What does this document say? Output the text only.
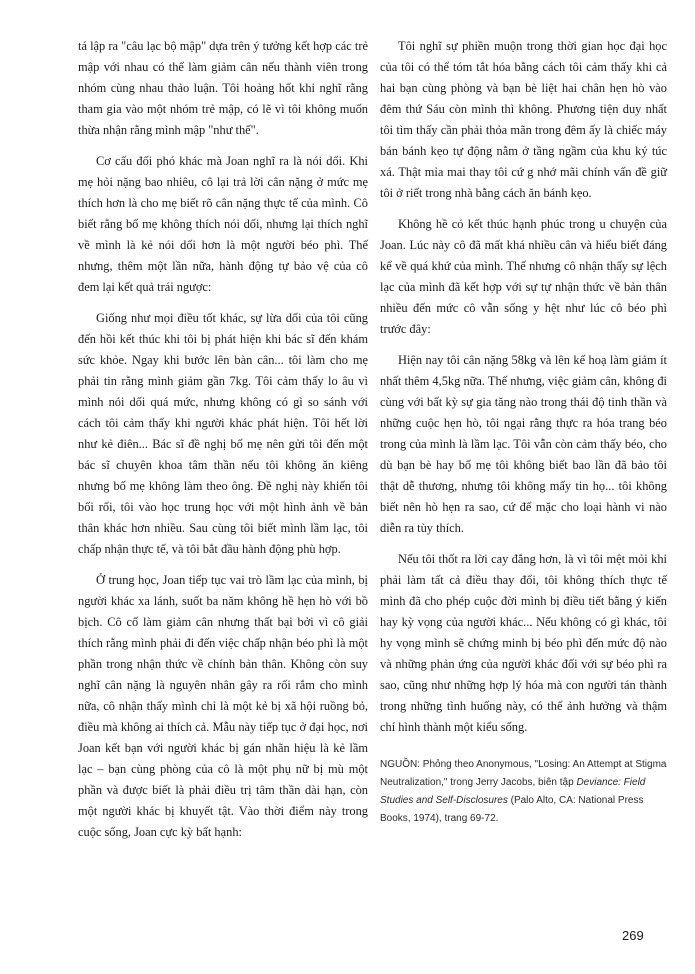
tá lập ra "câu lạc bộ mập" dựa trên ý tưởng kết hợp các trẻ mập với nhau có thể làm giảm cân nếu thành viên trong nhóm cùng nhau thảo luận. Tôi hoảng hốt khi nghĩ rằng tham gia vào một nhóm trẻ mập, có lẽ vì tôi không muốn thừa nhận rằng mình mập "như thế".

Cơ cấu đối phó khác mà Joan nghĩ ra là nói dối. Khi mẹ hỏi nặng bao nhiêu, cô lại trả lời cân nặng ở mức mẹ thích hơn là cho mẹ biết rõ cân nặng thực tế của mình. Cô biết rằng bố mẹ không thích nói dối, nhưng lại thích nghĩ về mình là kẻ nói dối hơn là một người béo phì. Thế nhưng, thêm một lần nữa, hành động tự bảo vệ của cô đem lại kết quả trái ngược:

Giống như mọi điều tốt khác, sự lừa dối của tôi cũng đến hồi kết thúc khi tôi bị phát hiện khi bác sĩ đến khám sức khỏe. Ngay khi bước lên bàn cân... tôi làm cho mẹ phải tin rằng mình giảm gần 7kg. Tôi cảm thấy lo âu vì mình nói dối quá mức, nhưng không có gì so sánh với cách tôi cảm thấy khi người khác phát hiện. Tôi hết lời như kẻ điên... Bác sĩ đề nghị bố mẹ nên gửi tôi đến một bác sĩ chuyên khoa tâm thần nếu tôi không ăn kiêng nhưng bố mẹ không làm theo ông. Đề nghị này khiến tôi bối rối, tôi vào học trung học với một hình ảnh về bản thân khác hơn nhiều. Sau cùng tôi biết mình lầm lạc, tôi chấp nhận thực tế, và tôi bắt đầu hành động phù hợp.

Ở trung học, Joan tiếp tục vai trò lầm lạc của mình, bị người khác xa lánh, suốt ba năm không hề hẹn hò với bồ bịch. Cô cố làm giảm cân nhưng thất bại bởi vì cô giải thích rằng mình phải đi đến việc chấp nhận béo phì là một phần trong nhận thức về chính bản thân. Không còn suy nghĩ cân nặng là nguyên nhân gây ra rối rắm cho mình nữa, cô nhận thấy mình chỉ là một kẻ bị xã hội ruồng bỏ, điều mà không ai thích cả. Mẫu này tiếp tục ở đại học, nơi Joan kết bạn với người khác bị gán nhãn hiệu là kẻ lầm lạc – bạn cùng phòng của cô là một phụ nữ bị mù một phần và được biết là phải điều trị tâm thần dài hạn, còn một người khác bị khuyết tật. Vào thời điểm này trong cuộc sống, Joan cực kỳ bất hạnh:

Tôi nghĩ sự phiền muộn trong thời gian học đại học của tôi có thể tóm tắt hóa bằng cách tôi cảm thấy khi cả hai bạn cùng phòng và bạn bè liệt hai chân hẹn hò vào đêm thứ Sáu còn mình thì không. Phương tiện duy nhất tôi tìm thấy cần phải thỏa mãn trong đêm ấy là chiếc máy bán bánh kẹo tự động nằm ở tầng ngầm của khu ký túc xá. Thật mỉa mai thay tôi cứ g nhớ mãi chính vấn đề giữ tôi ở riết trong nhà bằng cách ăn bánh kẹo.

Không hề có kết thúc hạnh phúc trong u chuyện của Joan. Lúc này cô đã mất khá nhiều cân và hiểu biết đáng kể về quá khứ của mình. Thế nhưng cô nhận thấy sự lệch lạc của mình đã kết hợp với sự tự nhận thức về bản thân nhiều đến mức cô vẫn sống y hệt như lúc cô béo phì trước đây:

Hiện nay tôi cân nặng 58kg và lên kế hoạ làm giảm ít nhất thêm 4,5kg nữa. Thế nhưng, việc giảm cân, không đi cùng với bất kỳ sự gia tăng nào trong thái độ tinh thần và những cuộc hẹn hò, tôi ngại rằng thực ra hóa trang béo trong của mình là lầm lạc. Tôi vẫn còn cảm thấy béo, cho dù bạn bè hay bố mẹ tôi không biết bao lần đã bảo tôi thật dễ thương, nhưng tôi không mấy tin họ... tôi không biết nên hò hẹn ra sao, cứ để mặc cho loại hành vi nào diễn ra tùy thích.

Nếu tôi thốt ra lời cay đắng hơn, là vì tôi mệt mỏi khi phải làm tất cả điều thay đổi, tôi không thích thực tế mình đã cho phép cuộc đời mình bị điều tiết bằng ý kiến hay kỳ vọng của người khác... Nếu không có gì khác, tôi hy vọng mình sẽ chứng minh bị béo phì đến mức độ nào và những phản ứng của người khác đối với sự béo phì ra sao, cũng như những hợp lý hóa mà con người tán thành trong những tình huống này, có thể ảnh hưởng và thậm chí hình thành một kiểu sống.

NGUỒN: Phỏng theo Anonymous, "Losing: An Attempt at Stigma Neutralization," trong Jerry Jacobs, biên tập Deviance: Field Studies and Self-Disclosures (Palo Alto, CA: National Press Books, 1974), trang 69-72.
269
